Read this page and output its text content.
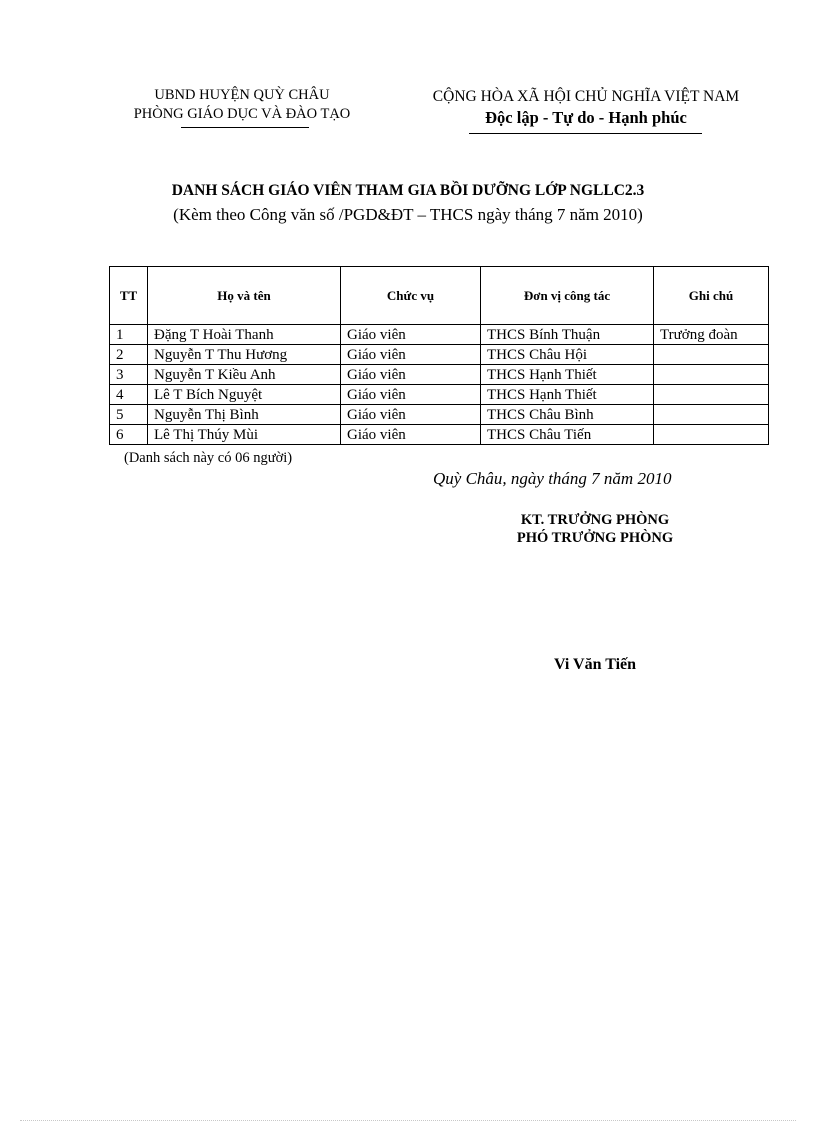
UBND HUYỆN QUỲ CHÂU
PHÒNG GIÁO DỤC VÀ ĐÀO TẠO
CỘNG HÒA XÃ HỘI CHỦ NGHĨA VIỆT NAM
Độc lập - Tự do - Hạnh phúc
DANH SÁCH GIÁO VIÊN THAM GIA BỒI DƯỠNG LỚP NGLLC2.3
(Kèm theo Công văn số /PGD&ĐT – THCS ngày tháng 7 năm 2010)
TT	Họ và tên	Chức vụ	Đơn vị công tác	Ghi chú
1	Đặng T Hoài Thanh	Giáo viên	THCS Bính Thuận	Trưởng đoàn
2	Nguyễn T Thu Hương	Giáo viên	THCS Châu Hội	
3	Nguyễn T Kiều Anh	Giáo viên	THCS Hạnh Thiết	
4	Lê T Bích Nguyệt	Giáo viên	THCS Hạnh Thiết	
5	Nguyễn Thị Bình	Giáo viên	THCS Châu Bình	
6	Lê Thị Thúy Mùi	Giáo viên	THCS Châu Tiến	
(Danh sách này có 06 người)
Quỳ Châu, ngày tháng 7 năm 2010
KT. TRƯỞNG PHÒNG
PHÓ TRƯỞNG PHÒNG
Vi Văn Tiến
